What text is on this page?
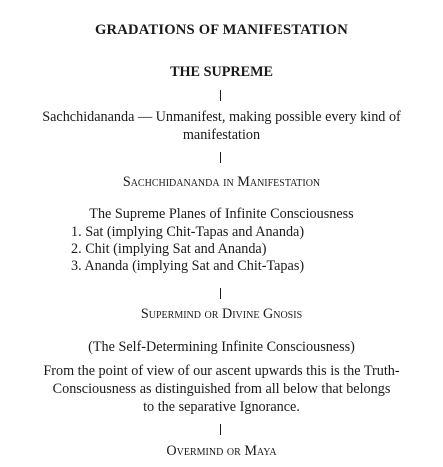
GRADATIONS OF MANIFESTATION
THE SUPREME
Sachchidananda — Unmanifest, making possible every kind of
manifestation
Sachchidananda in Manifestation
The Supreme Planes of Infinite Consciousness
1. Sat (implying Chit-Tapas and Ananda)
2. Chit (implying Sat and Ananda)
3. Ananda (implying Sat and Chit-Tapas)
Supermind or Divine Gnosis
(The Self-Determining Infinite Consciousness)
From the point of view of our ascent upwards this is the Truth-
Consciousness as distinguished from all below that belongs
to the separative Ignorance.
Overmind or Maya
